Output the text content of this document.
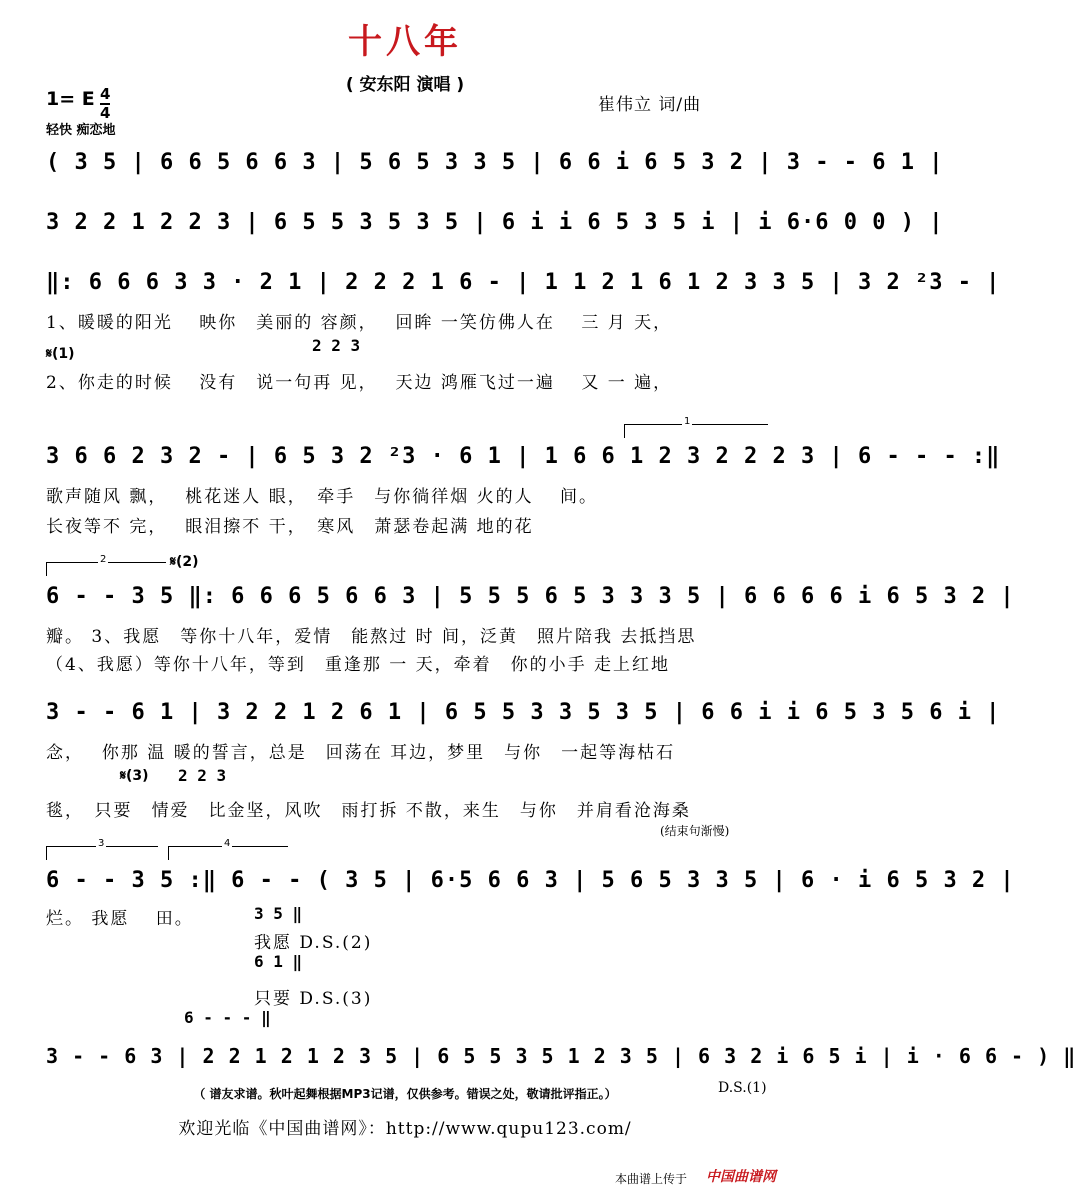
十八年
( 安东阳 演唱 )
1= E 4
4
轻快 痴恋地
崔伟立 词/曲
( 3 5 | 6 6 5 6 6 3 | 5 6 5 3 3 5 | 6 6 i 6 5 3 2 | 3 - - 6 1 |
3 2 2 1 2 2 3 | 6 5 5 3 5 3 5 | 6 i i 6 5 3 5 i | i 6·6 0 0 ) |
‖: 6 6 6 3 3 · 2 1 | 2 2 2 1 6 - | 1 1 2 1 6 1 2 3 3 5 | 3 2 ²3 - |
1、暖暖的阳光　 映你　美丽的 容颜，　 回眸 一笑仿佛人在　 三 月 天，
𝄋(1)	2 2 3
2、你走的时候　 没有　说一句再 见，　 天边 鸿雁飞过一遍　 又 一 遍，
1
3 6 6 2 3 2 - | 6 5 3 2 ²3 · 6 1 | 1 6 6 1 2 3 2 2 2 3 | 6 - - - :‖
歌声随风 飘，　 桃花迷人 眼，　牵手　与你徜徉烟 火的人　 间。
长夜等不 完，　 眼泪擦不 干，　寒风　萧瑟卷起满 地的花
2	𝄋(2)
6 - - 3 5 ‖: 6 6 6 5 6 6 3 | 5 5 5 6 5 3 3 3 5 | 6 6 6 6 i 6 5 3 2 |
瓣。 3、我愿　等你十八年，爱情　能熬过 时 间，泛黄　照片陪我 去抵挡思
（4、我愿）等你十八年，等到　重逢那 一 天，牵着　你的小手 走上红地
3 - - 6 1 | 3 2 2 1 2 6 1 | 6 5 5 3 3 5 3 5 | 6 6 i i 6 5 3 5 6 i |
念，　 你那 温 暖的誓言，总是　回荡在 耳边，梦里　与你　一起等海枯石
𝄋(3) 2 2 3
毯，　只要　情爱　比金坚，风吹　雨打拆 不散，来生　与你　并肩看沧海桑
(结束句渐慢)
3	4
6 - - 3 5 :‖ 6 - - ( 3 5 | 6·5 6 6 3 | 5 6 5 3 3 5 | 6 · i 6 5 3 2 |
烂。 我愿　 田。	3 5 ‖
我愿 D.S.(2)
6 1 ‖
只要 D.S.(3)
6 - - - ‖
3 - - 6 3 | 2 2 1 2 1 2 3 5 | 6 5 5 3 5 1 2 3 5 | 6 3 2 i 6 5 i | i · 6 6 - ) ‖
D.S.(1)
（ 谱友求谱。秋叶起舞根据MP3记谱，仅供参考。错误之处，敬请批评指正。）
欢迎光临《中国曲谱网》：http://www.qupu123.com/
本曲谱上传于 中国曲谱网
